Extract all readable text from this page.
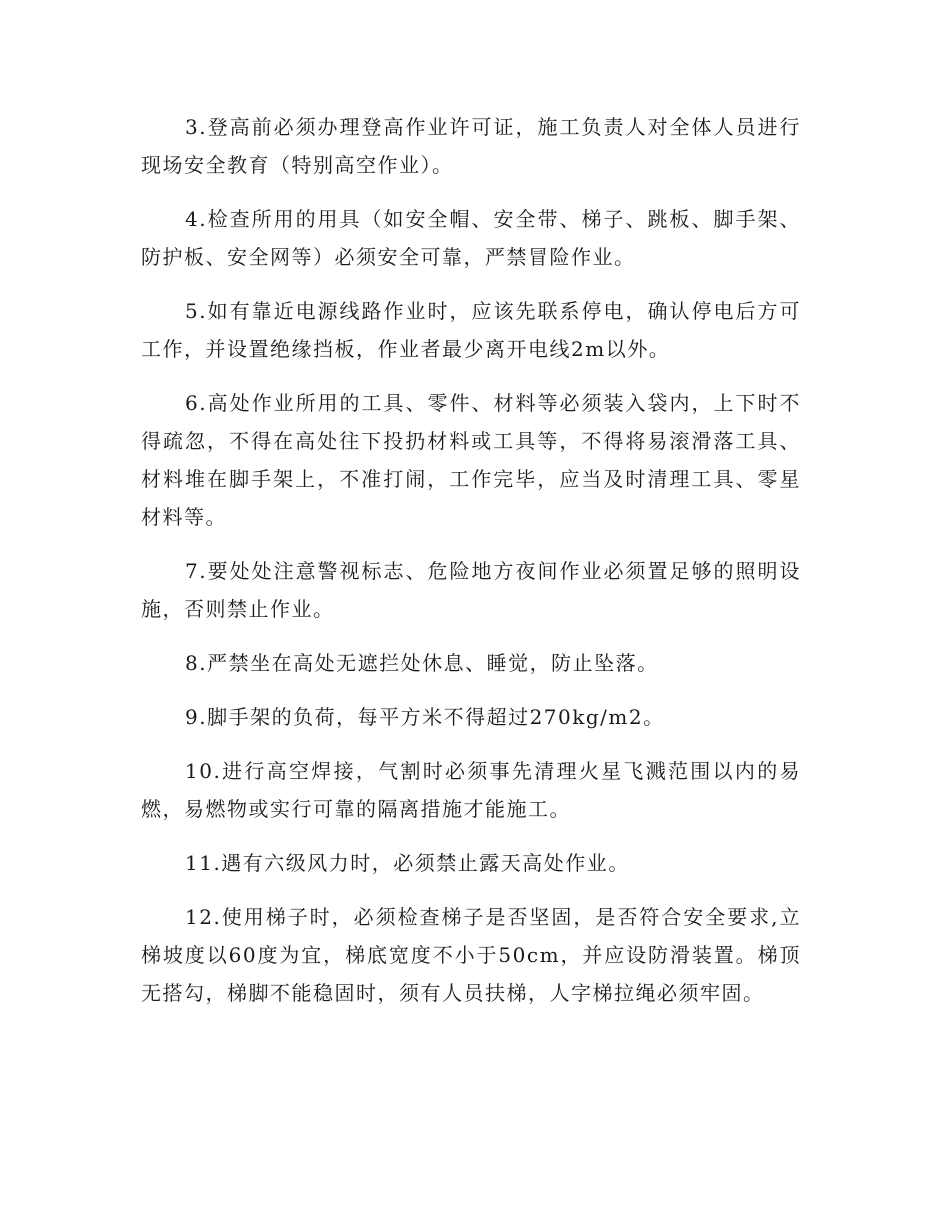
3.登高前必须办理登高作业许可证，施工负责人对全体人员进行现场安全教育（特别高空作业）。

4.检查所用的用具（如安全帽、安全带、梯子、跳板、脚手架、防护板、安全网等）必须安全可靠，严禁冒险作业。

5.如有靠近电源线路作业时，应该先联系停电，确认停电后方可工作，并设置绝缘挡板，作业者最少离开电线2m以外。

6.高处作业所用的工具、零件、材料等必须装入袋内，上下时不得疏忽，不得在高处往下投扔材料或工具等，不得将易滚滑落工具、材料堆在脚手架上，不准打闹，工作完毕，应当及时清理工具、零星材料等。

7.要处处注意警视标志、危险地方夜间作业必须置足够的照明设施，否则禁止作业。

8.严禁坐在高处无遮拦处休息、睡觉，防止坠落。

9.脚手架的负荷，每平方米不得超过270kg/m2。

10.进行高空焊接，气割时必须事先清理火星飞溅范围以内的易燃，易燃物或实行可靠的隔离措施才能施工。

11.遇有六级风力时，必须禁止露天高处作业。

12.使用梯子时，必须检查梯子是否坚固，是否符合安全要求,立梯坡度以60度为宜，梯底宽度不小于50cm，并应设防滑装置。梯顶无搭勾，梯脚不能稳固时，须有人员扶梯，人字梯拉绳必须牢固。
